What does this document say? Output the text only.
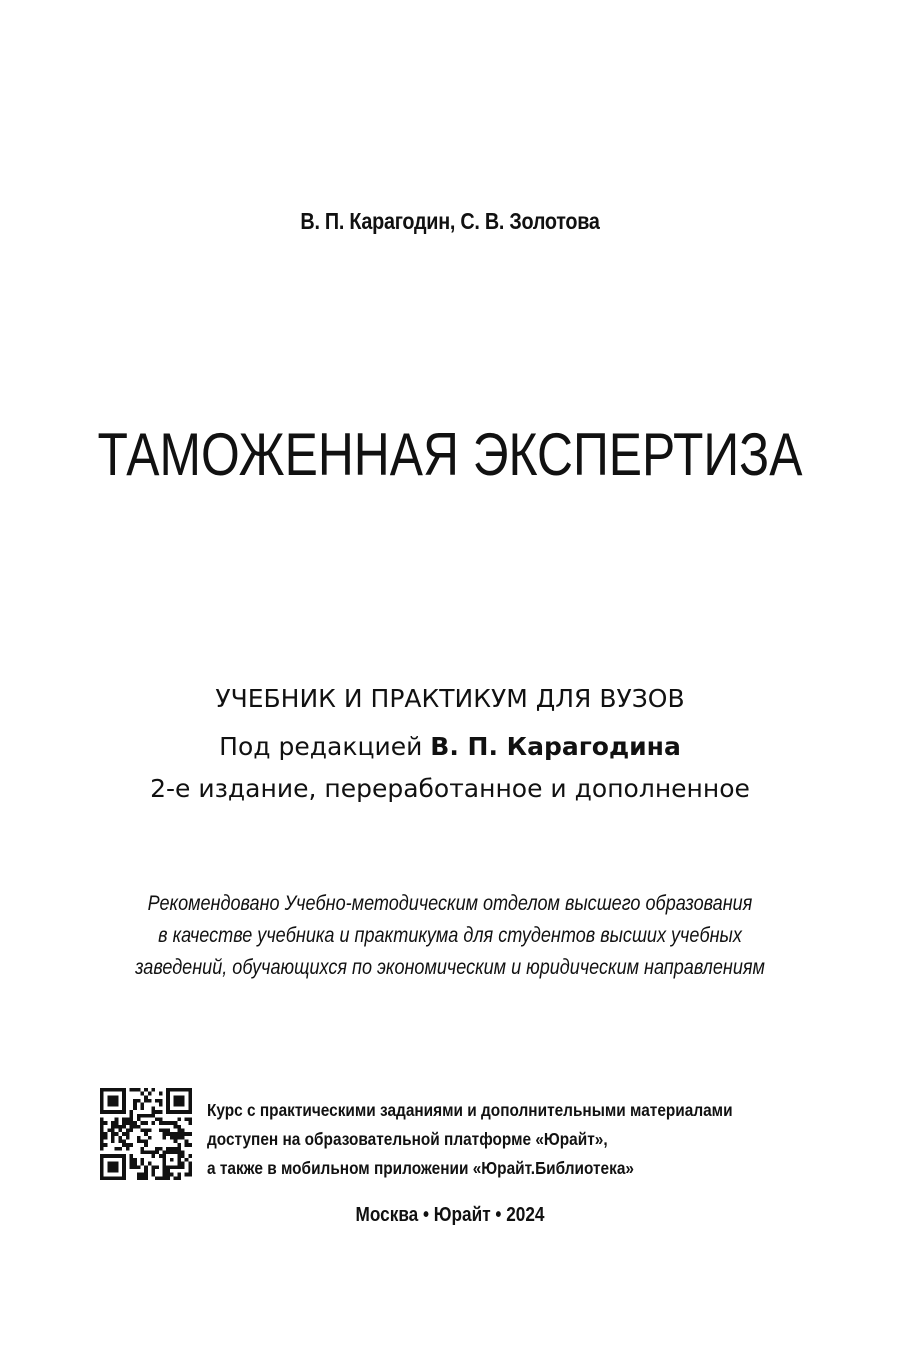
В. П. Карагодин, С. В. Золотова
ТАМОЖЕННАЯ ЭКСПЕРТИЗА
УЧЕБНИК И ПРАКТИКУМ ДЛЯ ВУЗОВ
Под редакцией В. П. Карагодина
2-е издание, переработанное и дополненное
Рекомендовано Учебно-методическим отделом высшего образования
в качестве учебника и практикума для студентов высших учебных
заведений, обучающихся по экономическим и юридическим направлениям
Курс с практическими заданиями и дополнительными материалами
доступен на образовательной платформе «Юрайт»,
а также в мобильном приложении «Юрайт.Библиотека»
Москва • Юрайт • 2024
